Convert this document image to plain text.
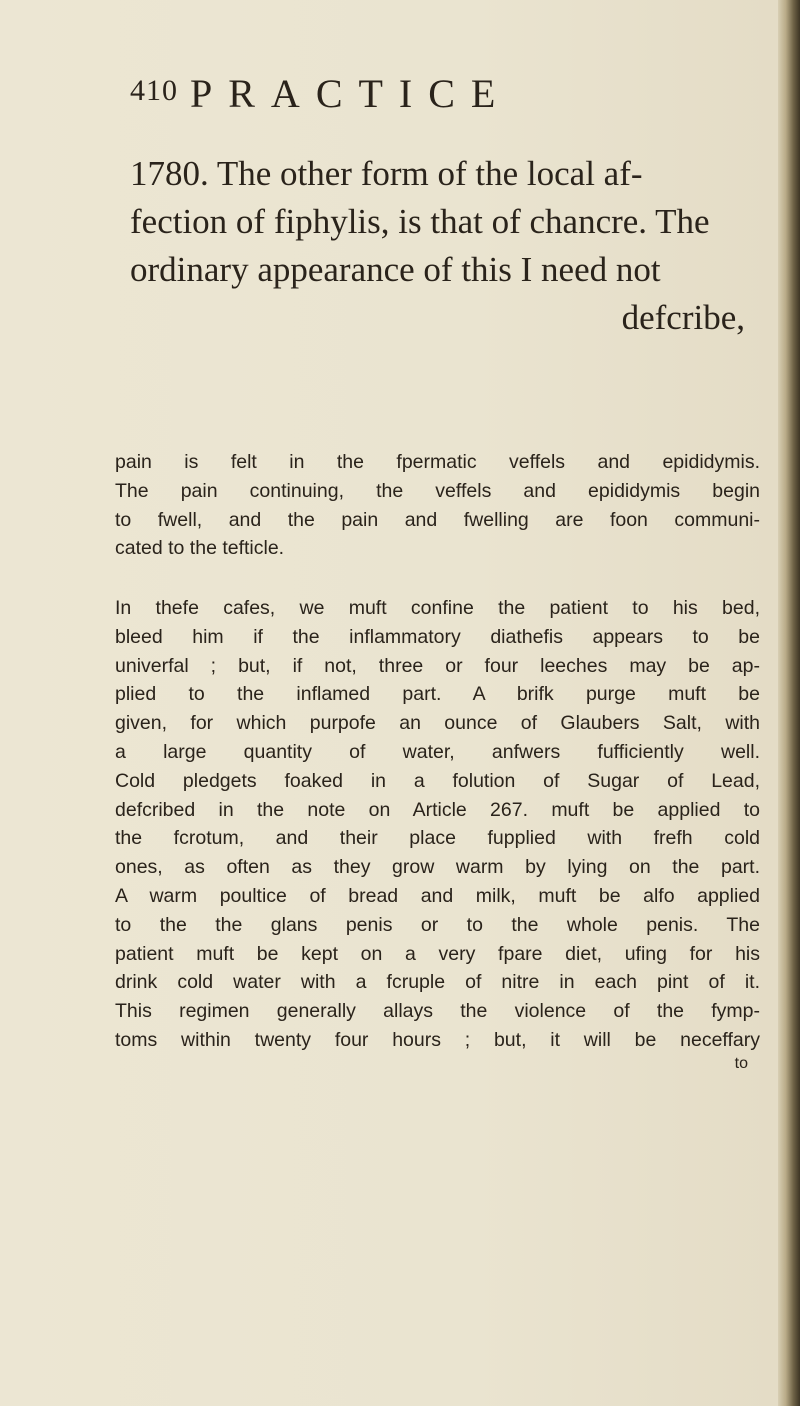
410 PRACTICE
1780. The other form of the local af-
fection of fiphylis, is that of chancre. The
ordinary appearance of this I need not
defcribe,
pain is felt in the fpermatic veffels and epididymis.
The pain continuing, the veffels and epididymis begin
to fwell, and the pain and fwelling are foon communi-
cated to the tefticle.
In thefe cafes, we muft confine the patient to his bed,
bleed him if the inflammatory diathefis appears to be
univerfal ; but, if not, three or four leeches may be ap-
plied to the inflamed part. A brifk purge muft be
given, for which purpofe an ounce of Glaubers Salt, with
a large quantity of water, anfwers fufficiently well.
Cold pledgets foaked in a folution of Sugar of Lead,
defcribed in the note on Article 267. muft be applied to
the fcrotum, and their place fupplied with frefh cold
ones, as often as they grow warm by lying on the part.
A warm poultice of bread and milk, muft be alfo applied
to the the glans penis or to the whole penis. The
patient muft be kept on a very fpare diet, ufing for his
drink cold water with a fcruple of nitre in each pint of it.
This regimen generally allays the violence of the fymp-
toms within twenty four hours ; but, it will be neceffary
to
